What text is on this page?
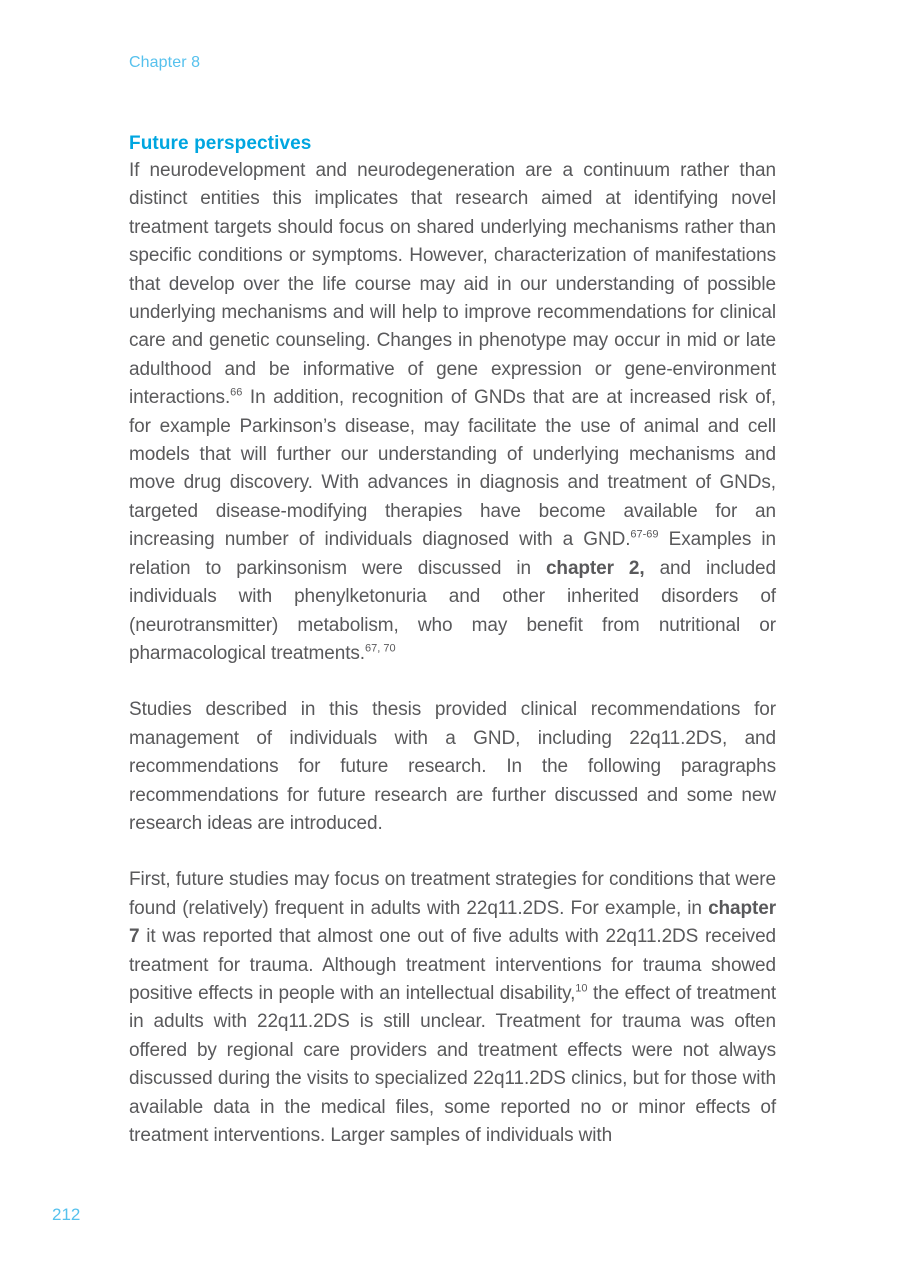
Chapter 8
Future perspectives

If neurodevelopment and neurodegeneration are a continuum rather than distinct entities this implicates that research aimed at identifying novel treatment targets should focus on shared underlying mechanisms rather than specific conditions or symptoms. However, characterization of manifestations that develop over the life course may aid in our understanding of possible underlying mechanisms and will help to improve recommendations for clinical care and genetic counseling. Changes in phenotype may occur in mid or late adulthood and be informative of gene expression or gene-environment interactions.$^{66}$ In addition, recognition of GNDs that are at increased risk of, for example Parkinson’s disease, may facilitate the use of animal and cell models that will further our understanding of underlying mechanisms and move drug discovery. With advances in diagnosis and treatment of GNDs, targeted disease-modifying therapies have become available for an increasing number of individuals diagnosed with a GND.$^{67-69}$ Examples in relation to parkinsonism were discussed in chapter 2, and included individuals with phenylketonuria and other inherited disorders of (neurotransmitter) metabolism, who may benefit from nutritional or pharmacological treatments.$^{67, 70}$

Studies described in this thesis provided clinical recommendations for management of individuals with a GND, including 22q11.2DS, and recommendations for future research. In the following paragraphs recommendations for future research are further discussed and some new research ideas are introduced.

First, future studies may focus on treatment strategies for conditions that were found (relatively) frequent in adults with 22q11.2DS. For example, in chapter 7 it was reported that almost one out of five adults with 22q11.2DS received treatment for trauma. Although treatment interventions for trauma showed positive effects in people with an intellectual disability,$^{10}$ the effect of treatment in adults with 22q11.2DS is still unclear. Treatment for trauma was often offered by regional care providers and treatment effects were not always discussed during the visits to specialized 22q11.2DS clinics, but for those with available data in the medical files, some reported no or minor effects of treatment interventions. Larger samples of individuals with

212
